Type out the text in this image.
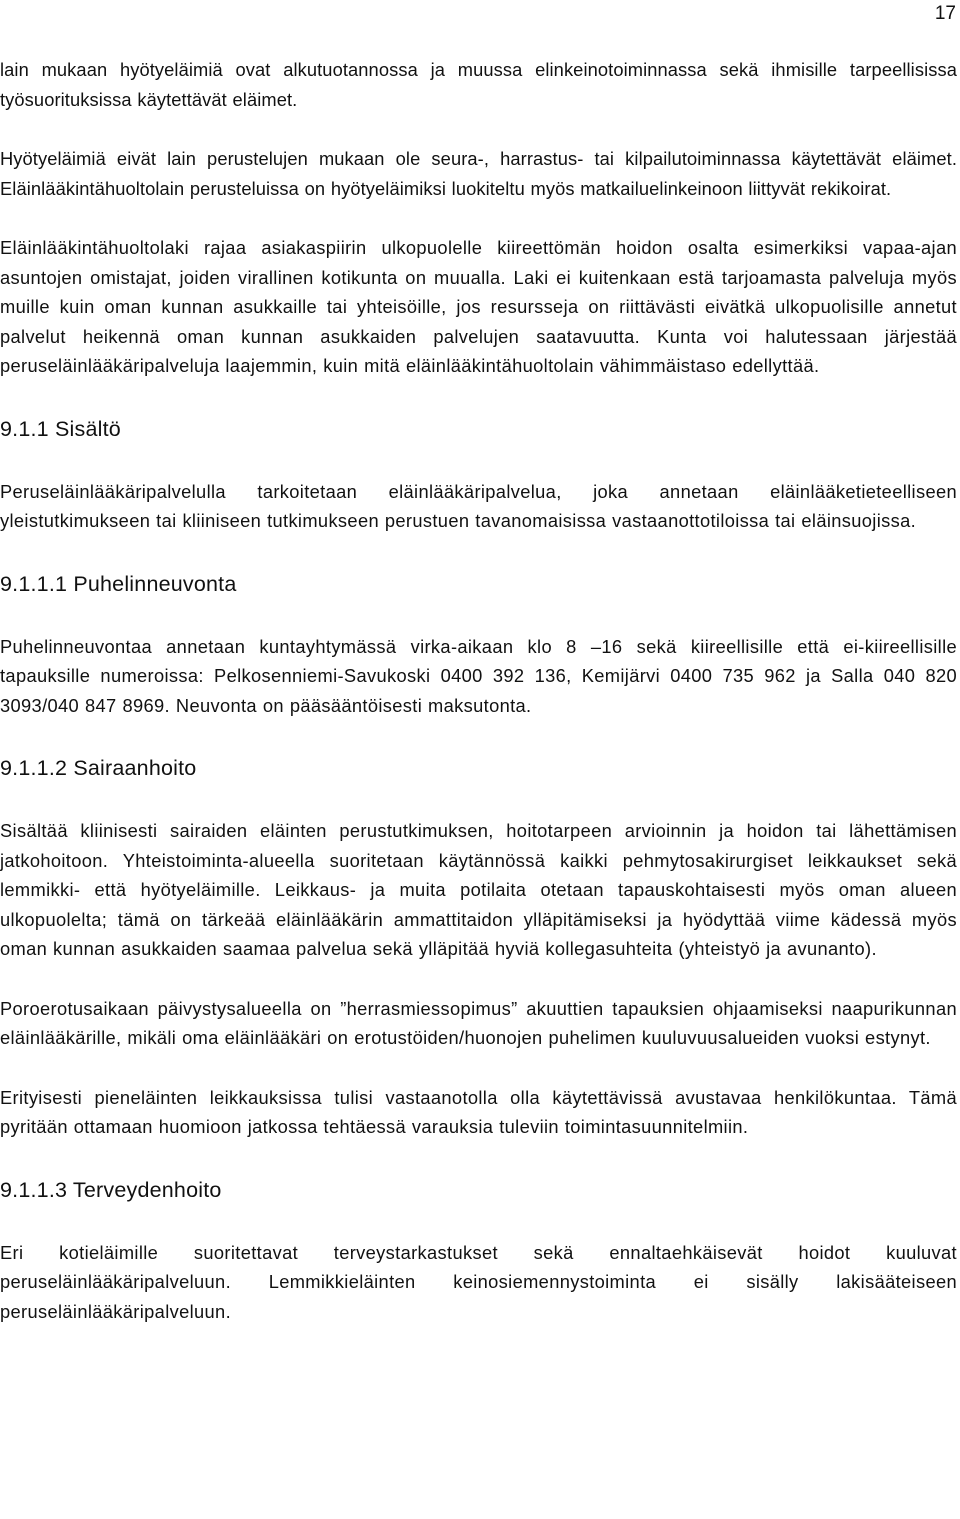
17

lain mukaan hyötyeläimiä ovat alkutuotannossa ja muussa elinkeinotoiminnassa sekä ihmisille tarpeellisissa työsuorituksissa käytettävät eläimet.

Hyötyeläimiä eivät lain perustelujen mukaan ole seura-, harrastus- tai kilpailutoiminnassa käytettävät eläimet. Eläinlääkintähuoltolain perusteluissa on hyötyeläimiksi luokiteltu myös matkailuelinkeinoon liittyvät rekikoirat.

Eläinlääkintähuoltolaki rajaa asiakaspiirin ulkopuolelle kiireettömän hoidon osalta esimerkiksi vapaa-ajan asuntojen omistajat, joiden virallinen kotikunta on muualla. Laki ei kuitenkaan estä tarjoamasta palveluja myös muille kuin oman kunnan asukkaille tai yhteisöille, jos resursseja on riittävästi eivätkä ulkopuolisille annetut palvelut heikennä oman kunnan asukkaiden palvelujen saatavuutta. Kunta voi halutessaan järjestää peruseläinlääkäripalveluja laajemmin, kuin mitä eläinlääkintähuoltolain vähimmäistaso edellyttää.

9.1.1 Sisältö

Peruseläinlääkäripalvelulla tarkoitetaan eläinlääkäripalvelua, joka annetaan eläinlääketieteelliseen yleistutkimukseen tai kliiniseen tutkimukseen perustuen tavanomaisissa vastaanottotiloissa tai eläinsuojissa.

9.1.1.1 Puhelinneuvonta

Puhelinneuvontaa annetaan kuntayhtymässä virka-aikaan klo 8 –16 sekä kiireellisille että ei-kiireellisille tapauksille numeroissa: Pelkosenniemi-Savukoski 0400 392 136, Kemijärvi 0400 735 962 ja Salla 040 820 3093/040 847 8969. Neuvonta on pääsääntöisesti maksutonta.

9.1.1.2 Sairaanhoito

Sisältää kliinisesti sairaiden eläinten perustutkimuksen, hoitotarpeen arvioinnin ja hoidon tai lähettämisen jatkohoitoon. Yhteistoiminta-alueella suoritetaan käytännössä kaikki pehmytosakirurgiset leikkaukset sekä lemmikki- että hyötyeläimille. Leikkaus- ja muita potilaita otetaan tapauskohtaisesti myös oman alueen ulkopuolelta; tämä on tärkeää eläinlääkärin ammattitaidon ylläpitämiseksi ja hyödyttää viime kädessä myös oman kunnan asukkaiden saamaa palvelua sekä ylläpitää hyviä kollegasuhteita (yhteistyö ja avunanto).

Poroerotusaikaan päivystysalueella on ”herrasmiessopimus” akuuttien tapauksien ohjaamiseksi naapurikunnan eläinlääkärille, mikäli oma eläinlääkäri on erotustöiden/huonojen puhelimen kuuluvuusalueiden vuoksi estynyt.

Erityisesti pieneläinten leikkauksissa tulisi vastaanotolla olla käytettävissä avustavaa henkilökuntaa. Tämä pyritään ottamaan huomioon jatkossa tehtäessä varauksia tuleviin toimintasuunnitelmiin.

9.1.1.3 Terveydenhoito

Eri kotieläimille suoritettavat terveystarkastukset sekä ennaltaehkäisevät hoidot kuuluvat peruseläinlääkäripalveluun. Lemmikkieläinten keinosiemennystoiminta ei sisälly lakisääteiseen peruseläinlääkäripalveluun.
